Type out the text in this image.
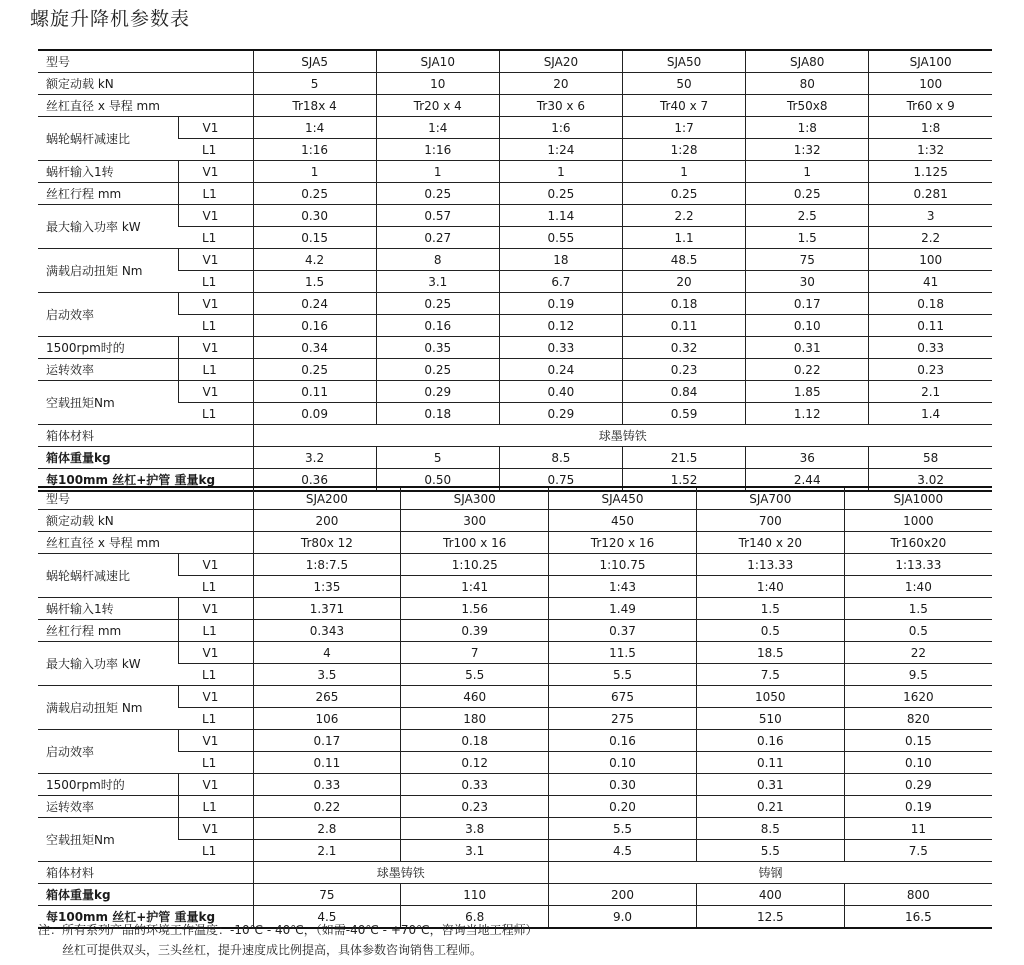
螺旋升降机参数表
型号		SJA5	SJA10	SJA20	SJA50	SJA80	SJA100
额定动载 kN		5	10	20	50	80	100
丝杠直径 x 导程 mm		Tr18x 4	Tr20 x 4	Tr30 x 6	Tr40 x 7	Tr50x8	Tr60 x 9
蜗轮蜗杆减速比	V1	1:4	1:4	1:6	1:7	1:8	1:8
	L1	1:16	1:16	1:24	1:28	1:32	1:32
蜗杆输入1转	V1	1	1	1	1	1	1.125
丝杠行程 mm	L1	0.25	0.25	0.25	0.25	0.25	0.281
最大输入功率 kW	V1	0.30	0.57	1.14	2.2	2.5	3
	L1	0.15	0.27	0.55	1.1	1.5	2.2
满载启动扭矩 Nm	V1	4.2	8	18	48.5	75	100
	L1	1.5	3.1	6.7	20	30	41
启动效率	V1	0.24	0.25	0.19	0.18	0.17	0.18
	L1	0.16	0.16	0.12	0.11	0.10	0.11
1500rpm时的	V1	0.34	0.35	0.33	0.32	0.31	0.33
运转效率	L1	0.25	0.25	0.24	0.23	0.22	0.23
空载扭矩Nm	V1	0.11	0.29	0.40	0.84	1.85	2.1
	L1	0.09	0.18	0.29	0.59	1.12	1.4
箱体材料		球墨铸铁					
箱体重量kg		3.2	5	8.5	21.5	36	58
每100mm 丝杠+护管 重量kg		0.36	0.50	0.75	1.52	2.44	3.02
型号		SJA200	SJA300	SJA450	SJA700	SJA1000
额定动载 kN		200	300	450	700	1000
丝杠直径 x 导程 mm		Tr80x 12	Tr100 x 16	Tr120 x 16	Tr140 x 20	Tr160x20
蜗轮蜗杆减速比	V1	1:8:7.5	1:10.25	1:10.75	1:13.33	1:13.33
	L1	1:35	1:41	1:43	1:40	1:40
蜗杆输入1转	V1	1.371	1.56	1.49	1.5	1.5
丝杠行程 mm	L1	0.343	0.39	0.37	0.5	0.5
最大输入功率 kW	V1	4	7	11.5	18.5	22
	L1	3.5	5.5	5.5	7.5	9.5
满载启动扭矩 Nm	V1	265	460	675	1050	1620
	L1	106	180	275	510	820
启动效率	V1	0.17	0.18	0.16	0.16	0.15
	L1	0.11	0.12	0.10	0.11	0.10
1500rpm时的	V1	0.33	0.33	0.30	0.31	0.29
运转效率	L1	0.22	0.23	0.20	0.21	0.19
空载扭矩Nm	V1	2.8	3.8	5.5	8.5	11
	L1	2.1	3.1	4.5	5.5	7.5
箱体材料		球墨铸铁		铸钢		
箱体重量kg		75	110	200	400	800
每100mm 丝杠+护管 重量kg		4.5	6.8	9.0	12.5	16.5
注：所有系列产品的环境工作温度：-10℃ - 40℃，（如需-40℃ - +70℃，咨询当地工程师）
丝杠可提供双头，三头丝杠，提升速度成比例提高，具体参数咨询销售工程师。
